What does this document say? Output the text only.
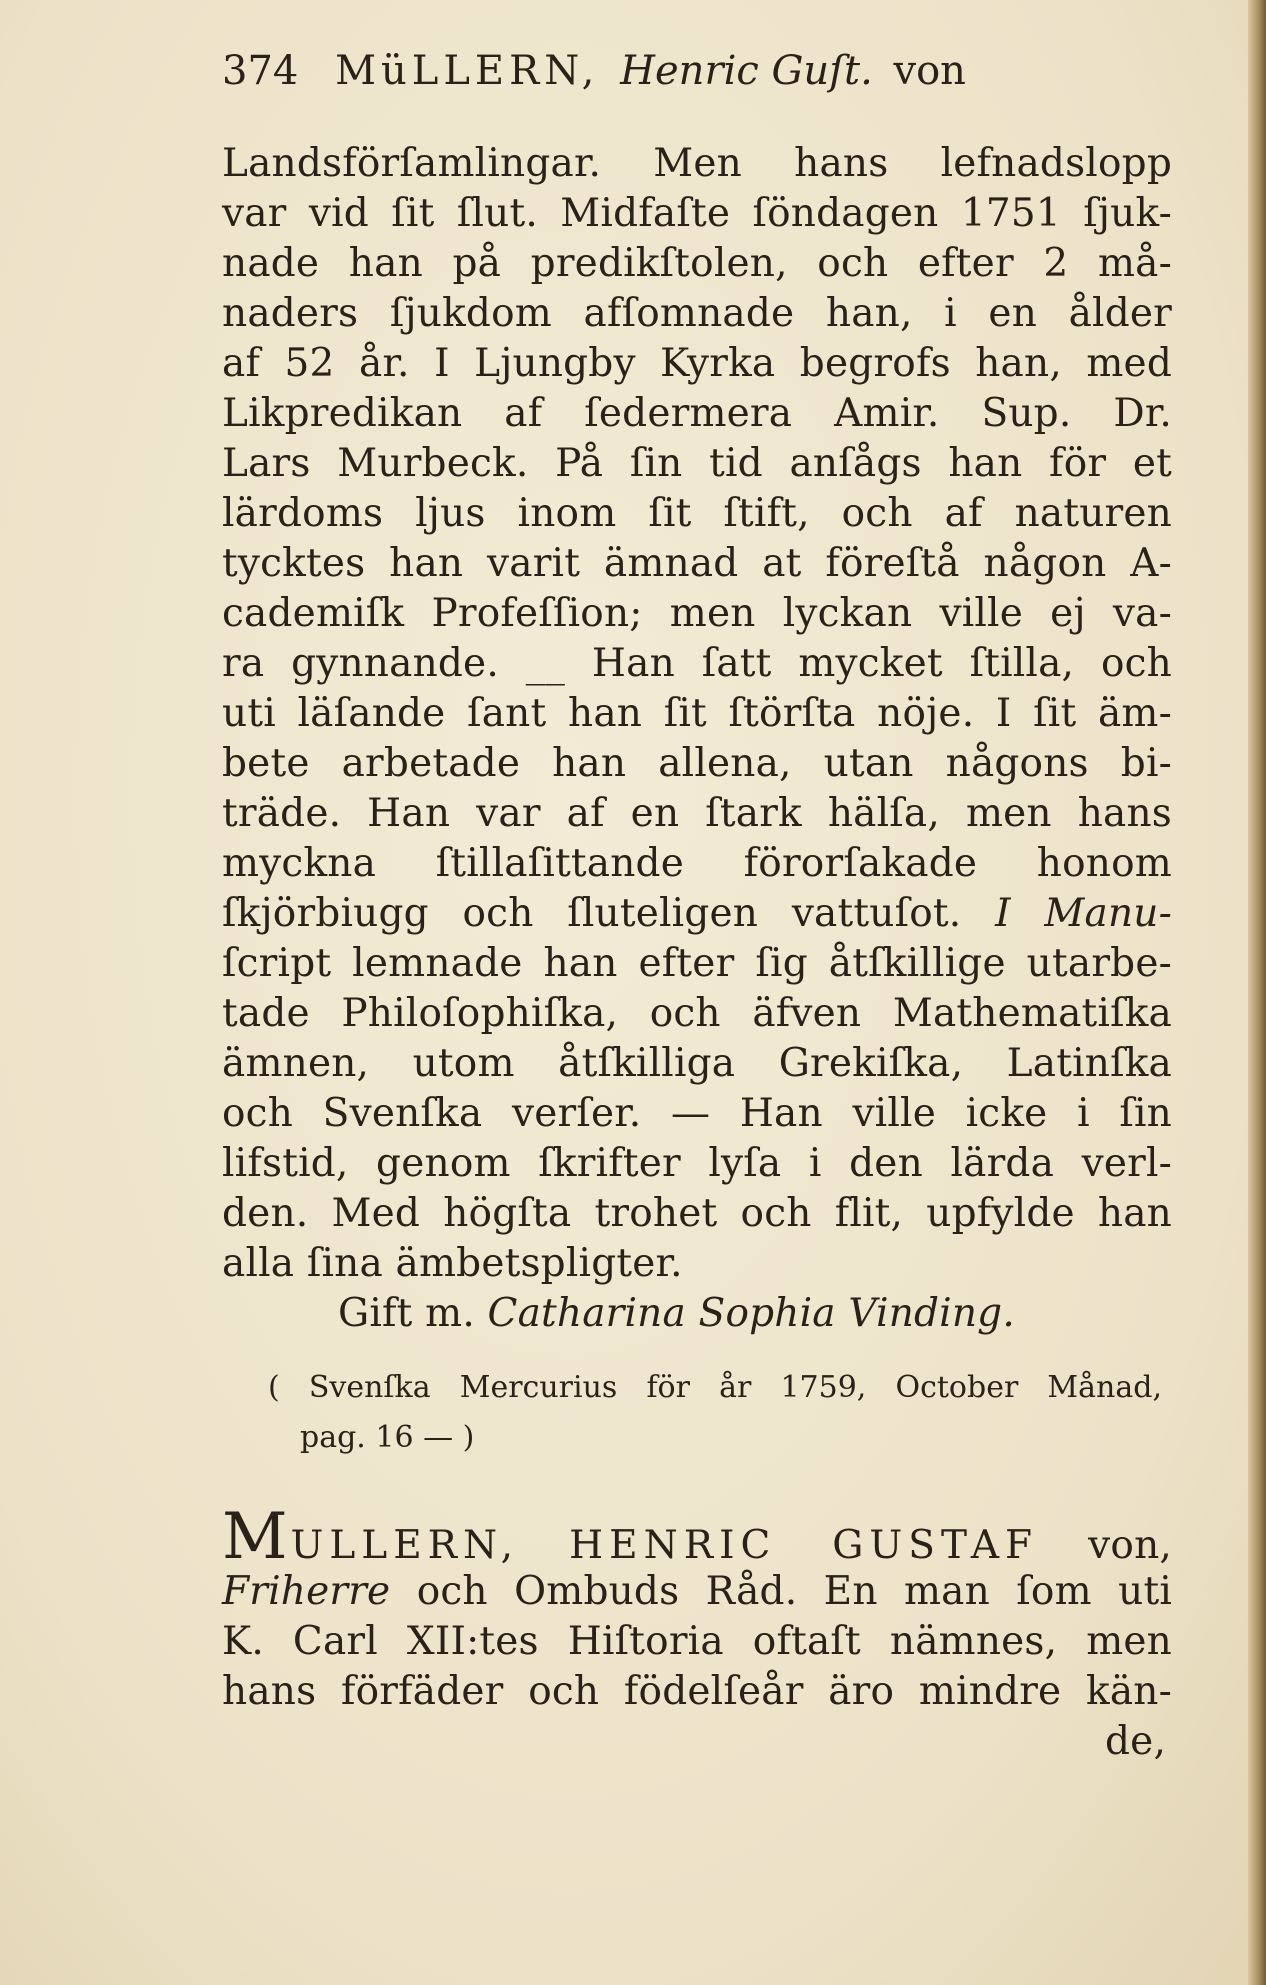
374 MüLLERN, Henric Guſt. von
Landsförſamlingar. Men hans lefnadslopp
var vid ſit ſlut. Midfaſte ſöndagen 1751 ſjuk-
nade han på predikſtolen, och efter 2 må-
naders ſjukdom afſomnade han, i en ålder
af 52 år. I Ljungby Kyrka begrofs han, med
Likpredikan af ſedermera Amir. Sup. Dr.
Lars Murbeck. På ſin tid anſågs han för et
lärdoms ljus inom ſit ſtift, och af naturen
tycktes han varit ämnad at föreſtå någon A-
cademiſk Profeſſion; men lyckan ville ej va-
ra gynnande. __ Han ſatt mycket ſtilla, och
uti läſande ſant han ſit ſtörſta nöje. I ſit äm-
bete arbetade han allena, utan någons bi-
träde. Han var af en ſtark hälſa, men hans
myckna ſtillaſittande förorſakade honom
ſkjörbiugg och ſluteligen vattuſot. I Manu-
ſcript lemnade han efter ſig åtſkillige utarbe-
tade Philoſophiſka, och äfven Mathematiſka
ämnen, utom åtſkilliga Grekiſka, Latinſka
och Svenſka verſer. — Han ville icke i ſin
lifstid, genom ſkrifter lyſa i den lärda verl-
den. Med högſta trohet och flit, upfylde han
alla ſina ämbetspligter.
Gift m. Catharina Sophia Vinding.
( Svenſka Mercurius för år 1759, October Månad,
pag. 16 — )
MULLERN, HENRIC GUSTAF von,
Friherre och Ombuds Råd. En man ſom uti
K. Carl XII:tes Hiſtoria oftaſt nämnes, men
hans förfäder och födelſeår äro mindre kän-
de,
